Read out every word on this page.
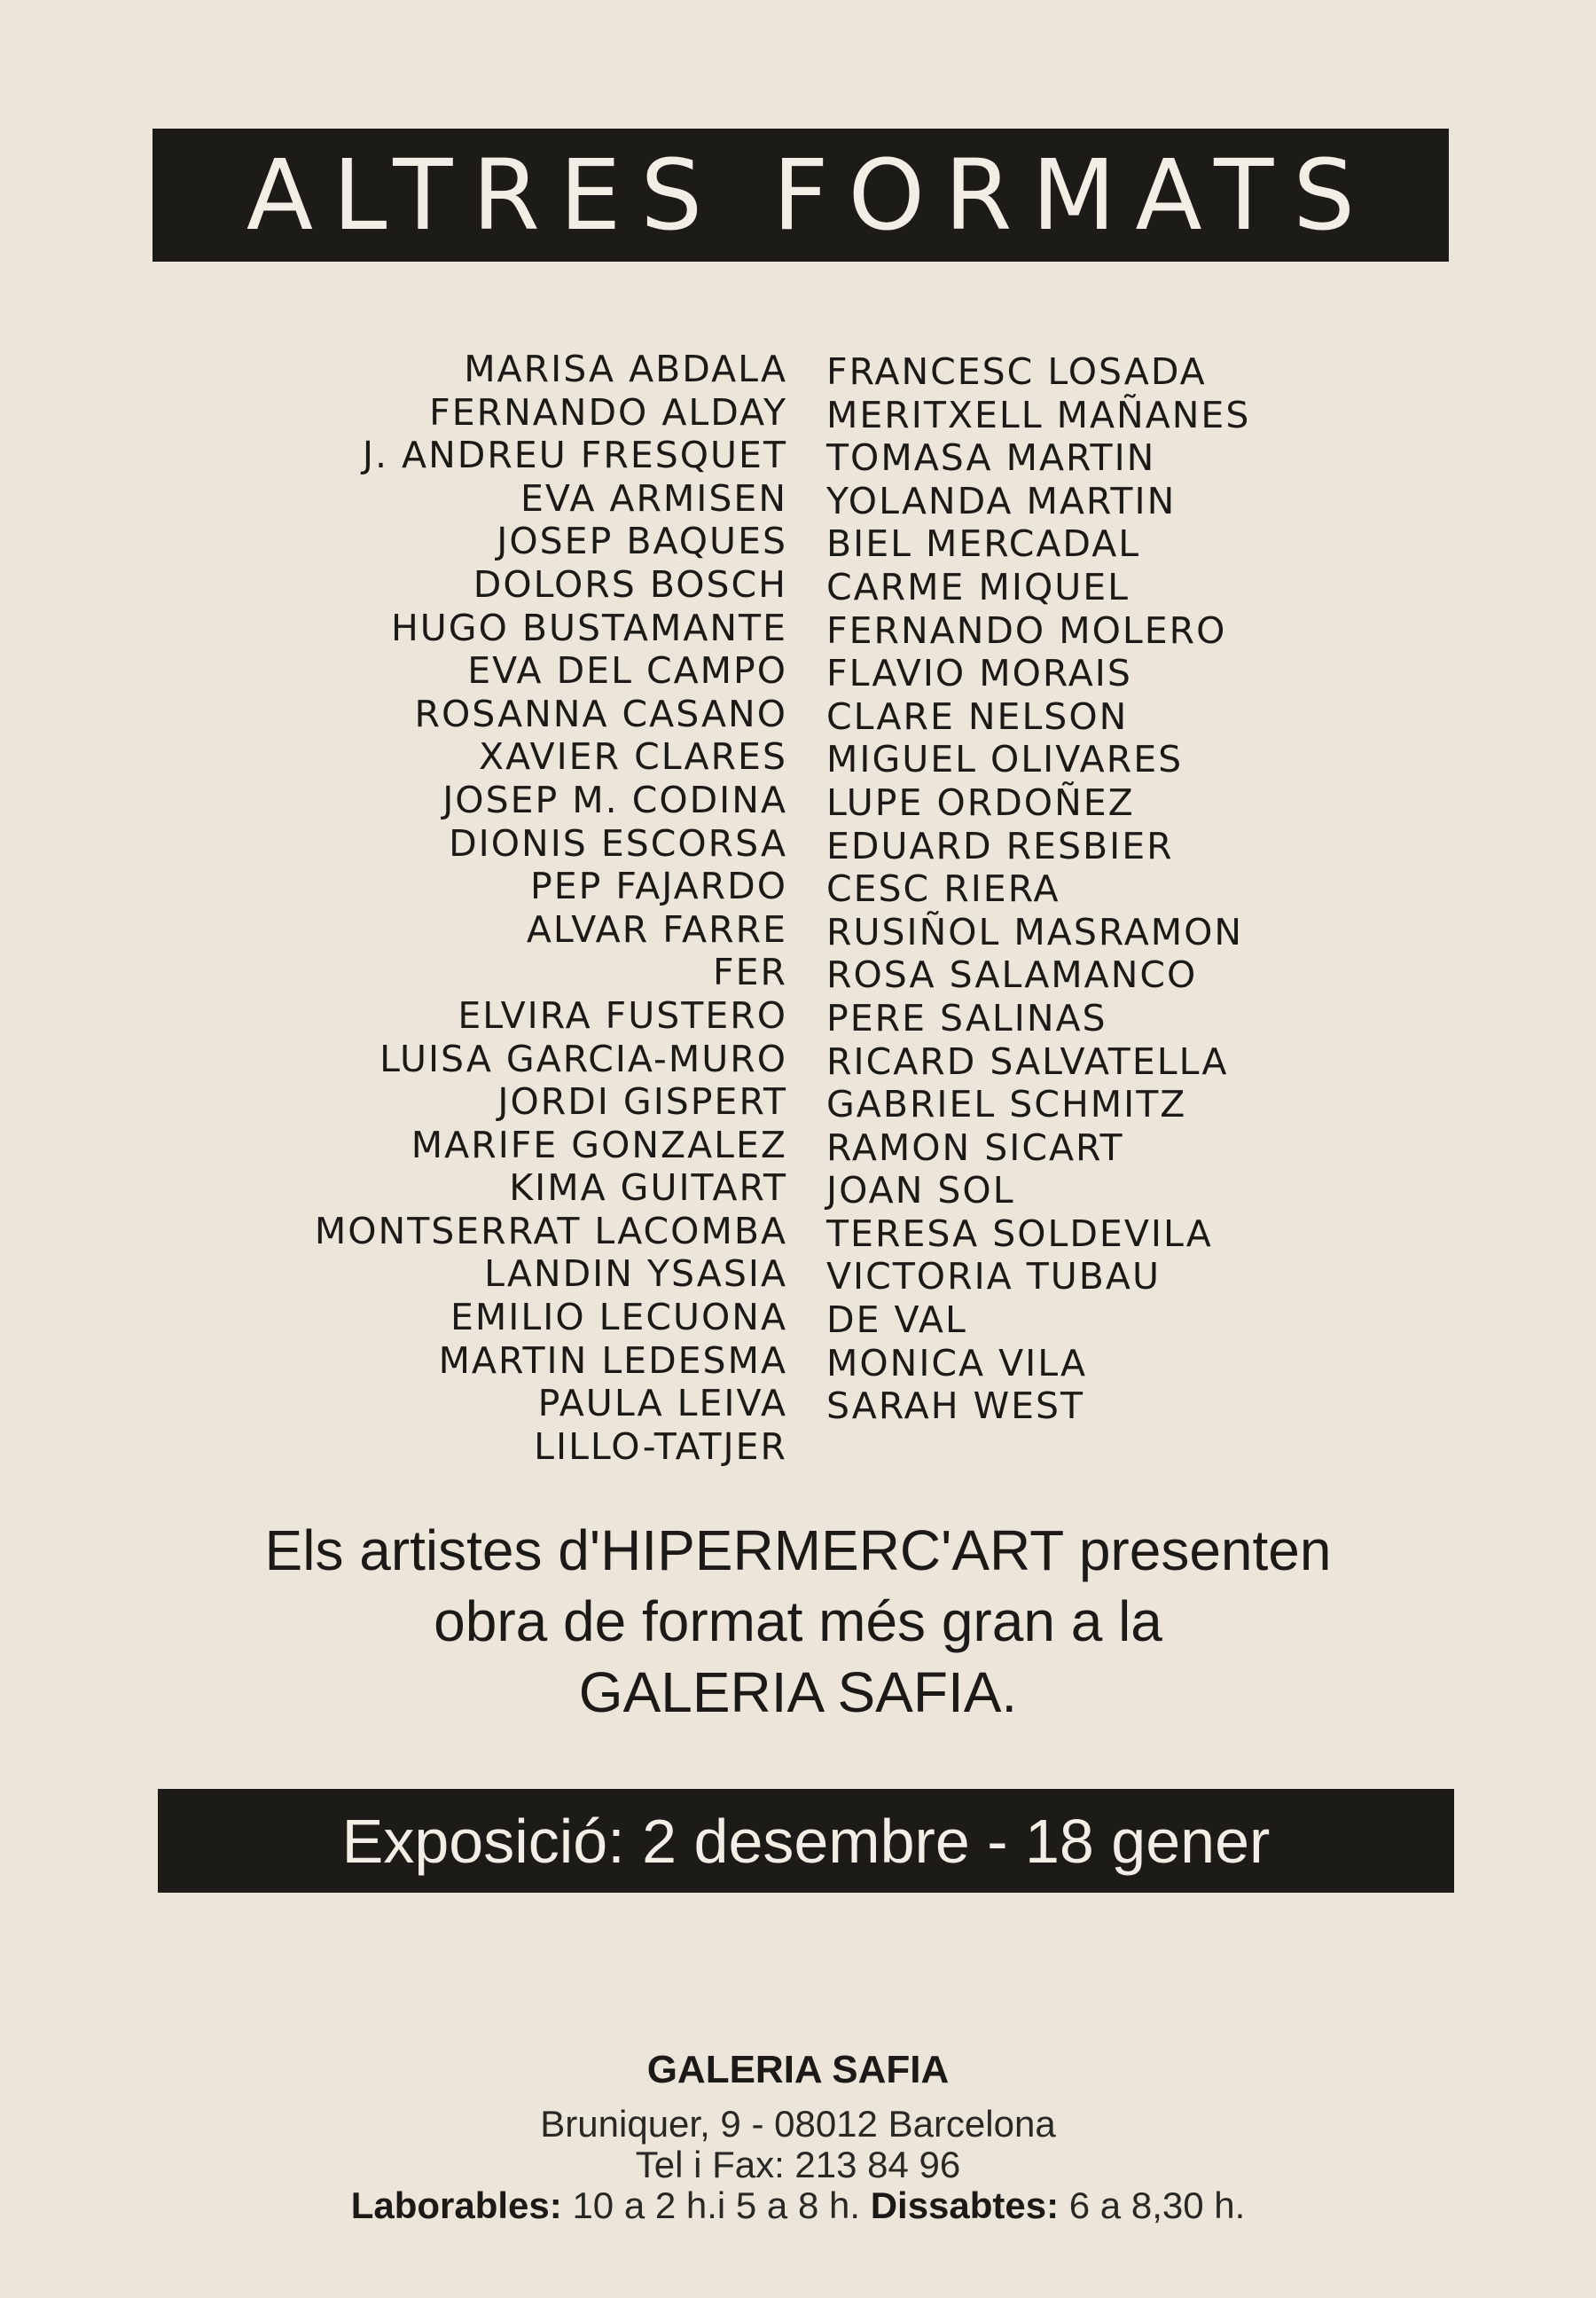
ALTRES FORMATS
MARISA ABDALA
FERNANDO ALDAY
J. ANDREU FRESQUET
EVA ARMISEN
JOSEP BAQUES
DOLORS BOSCH
HUGO BUSTAMANTE
EVA DEL CAMPO
ROSANNA CASANO
XAVIER CLARES
JOSEP M. CODINA
DIONIS ESCORSA
PEP FAJARDO
ALVAR FARRE
FER
ELVIRA FUSTERO
LUISA GARCIA-MURO
JORDI GISPERT
MARIFE GONZALEZ
KIMA GUITART
MONTSERRAT LACOMBA
LANDIN YSASIA
EMILIO LECUONA
MARTIN LEDESMA
PAULA LEIVA
LILLO-TATJER
FRANCESC LOSADA
MERITXELL MAÑANES
TOMASA MARTIN
YOLANDA MARTIN
BIEL MERCADAL
CARME MIQUEL
FERNANDO MOLERO
FLAVIO MORAIS
CLARE NELSON
MIGUEL OLIVARES
LUPE ORDOÑEZ
EDUARD RESBIER
CESC RIERA
RUSIÑOL MASRAMON
ROSA SALAMANCO
PERE SALINAS
RICARD SALVATELLA
GABRIEL SCHMITZ
RAMON SICART
JOAN SOL
TERESA SOLDEVILA
VICTORIA TUBAU
DE VAL
MONICA VILA
SARAH WEST
Els artistes d'HIPERMERC'ART presenten
obra de format més gran a la
GALERIA SAFIA.
Exposició: 2 desembre - 18 gener
GALERIA SAFIA
Bruniquer, 9 - 08012 Barcelona
Tel i Fax: 213 84 96
Laborables: 10 a 2 h.i 5 a 8 h. Dissabtes: 6 a 8,30 h.
